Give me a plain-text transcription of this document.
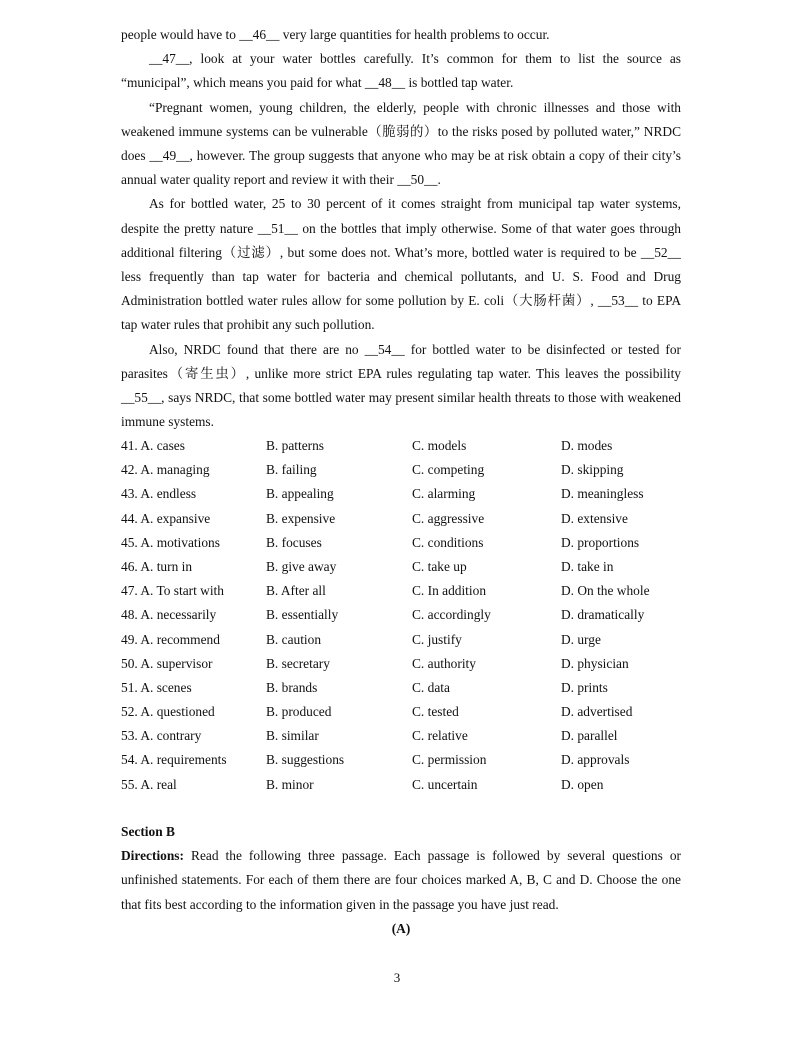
people would have to __46__ very large quantities for health problems to occur.

__47__, look at your water bottles carefully. It’s common for them to list the source as “municipal”, which means you paid for what __48__ is bottled tap water.

“Pregnant women, young children, the elderly, people with chronic illnesses and those with weakened immune systems can be vulnerable（脆弱的）to the risks posed by polluted water,” NRDC does __49__, however. The group suggests that anyone who may be at risk obtain a copy of their city’s annual water quality report and review it with their __50__.

As for bottled water, 25 to 30 percent of it comes straight from municipal tap water systems, despite the pretty nature __51__ on the bottles that imply otherwise. Some of that water goes through additional filtering（过滤）, but some does not. What’s more, bottled water is required to be __52__ less frequently than tap water for bacteria and chemical pollutants, and U. S. Food and Drug Administration bottled water rules allow for some pollution by E. coli（大肠杆菌）, __53__ to EPA tap water rules that prohibit any such pollution.

Also, NRDC found that there are no __54__ for bottled water to be disinfected or tested for parasites（寄生虫）, unlike more strict EPA rules regulating tap water. This leaves the possibility __55__, says NRDC, that some bottled water may present similar health threats to those with weakened immune systems.

41. A. cases	B. patterns	C. models	D. modes
42. A. managing	B. failing	C. competing	D. skipping
43. A. endless	B. appealing	C. alarming	D. meaningless
44. A. expansive	B. expensive	C. aggressive	D. extensive
45. A. motivations	B. focuses	C. conditions	D. proportions
46. A. turn in	B. give away	C. take up	D. take in
47. A. To start with	B. After all	C. In addition	D. On the whole
48. A. necessarily	B. essentially	C. accordingly	D. dramatically
49. A. recommend	B. caution	C. justify	D. urge
50. A. supervisor	B. secretary	C. authority	D. physician
51. A. scenes	B. brands	C. data	D. prints
52. A. questioned	B. produced	C. tested	D. advertised
53. A. contrary	B. similar	C. relative	D. parallel
54. A. requirements	B. suggestions	C. permission	D. approvals
55. A. real	B. minor	C. uncertain	D. open
Section B

Directions: Read the following three passage. Each passage is followed by several questions or unfinished statements. For each of them there are four choices marked A, B, C and D. Choose the one that fits best according to the information given in the passage you have just read.

(A)
3
